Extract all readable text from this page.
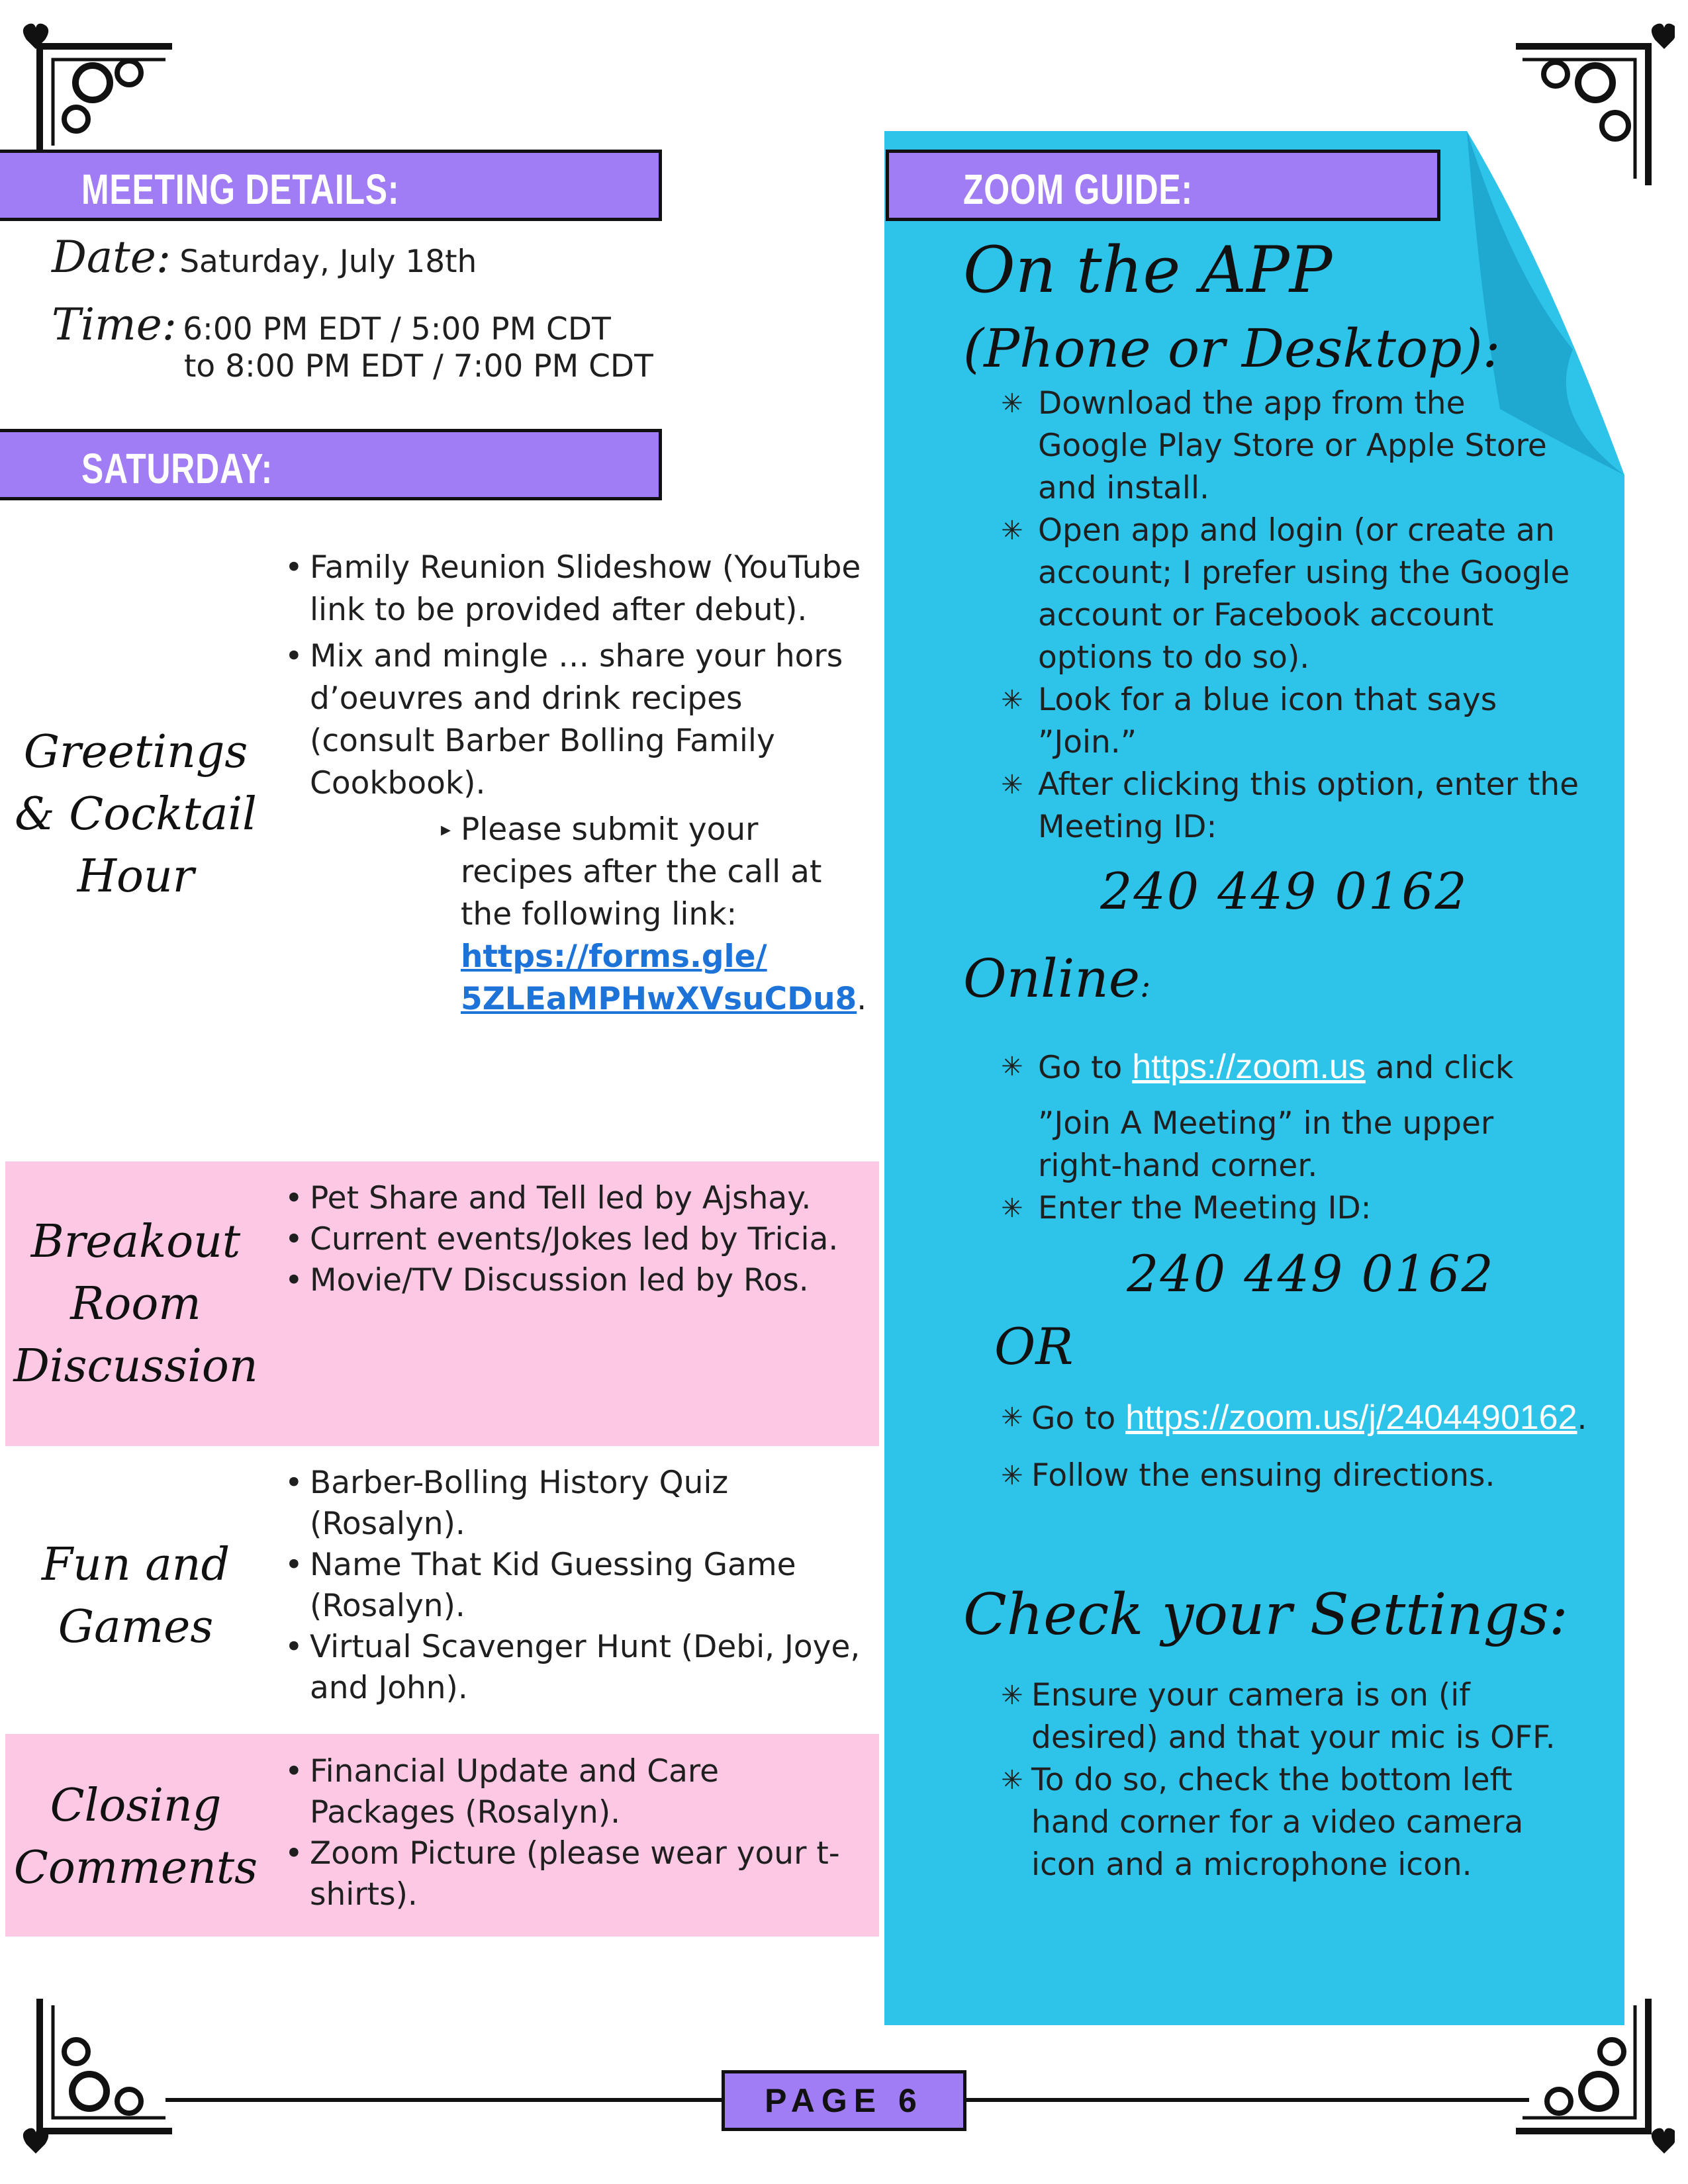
MEETING DETAILS:
Date: Saturday, July 18th
Time: 6:00 PM EDT / 5:00 PM CDT
to 8:00 PM EDT / 7:00 PM CDT
SATURDAY:
Greetings
& Cocktail
Hour
• Family Reunion Slideshow (YouTube link to be provided after debut).
• Mix and mingle … share your hors d’oeuvres and drink recipes (consult Barber Bolling Family Cookbook).
▸ Please submit your recipes after the call at the following link:
https://forms.gle/
5ZLEaMPHwXVsuCDu8.
Breakout
Room
Discussion
• Pet Share and Tell led by Ajshay.
• Current events/Jokes led by Tricia.
• Movie/TV Discussion led by Ros.
Fun and
Games
• Barber-Bolling History Quiz (Rosalyn).
• Name That Kid Guessing Game (Rosalyn).
• Virtual Scavenger Hunt (Debi, Joye, and John).
Closing
Comments
• Financial Update and Care Packages (Rosalyn).
• Zoom Picture (please wear your t-shirts).
ZOOM GUIDE:
On the APP
(Phone or Desktop):
✳ Download the app from the Google Play Store or Apple Store and install.
✳ Open app and login (or create an account; I prefer using the Google account or Facebook account options to do so).
✳ Look for a blue icon that says ”Join.”
✳ After clicking this option, enter the Meeting ID:
240 449 0162
Online:
✳ Go to https://zoom.us and click
”Join A Meeting” in the upper right-hand corner.
✳ Enter the Meeting ID:
240 449 0162
OR
✳ Go to https://zoom.us/j/2404490162.
✳ Follow the ensuing directions.
Check your Settings:
✳ Ensure your camera is on (if desired) and that your mic is OFF.
✳ To do so, check the bottom left hand corner for a video camera icon and a microphone icon.
PAGE 6
